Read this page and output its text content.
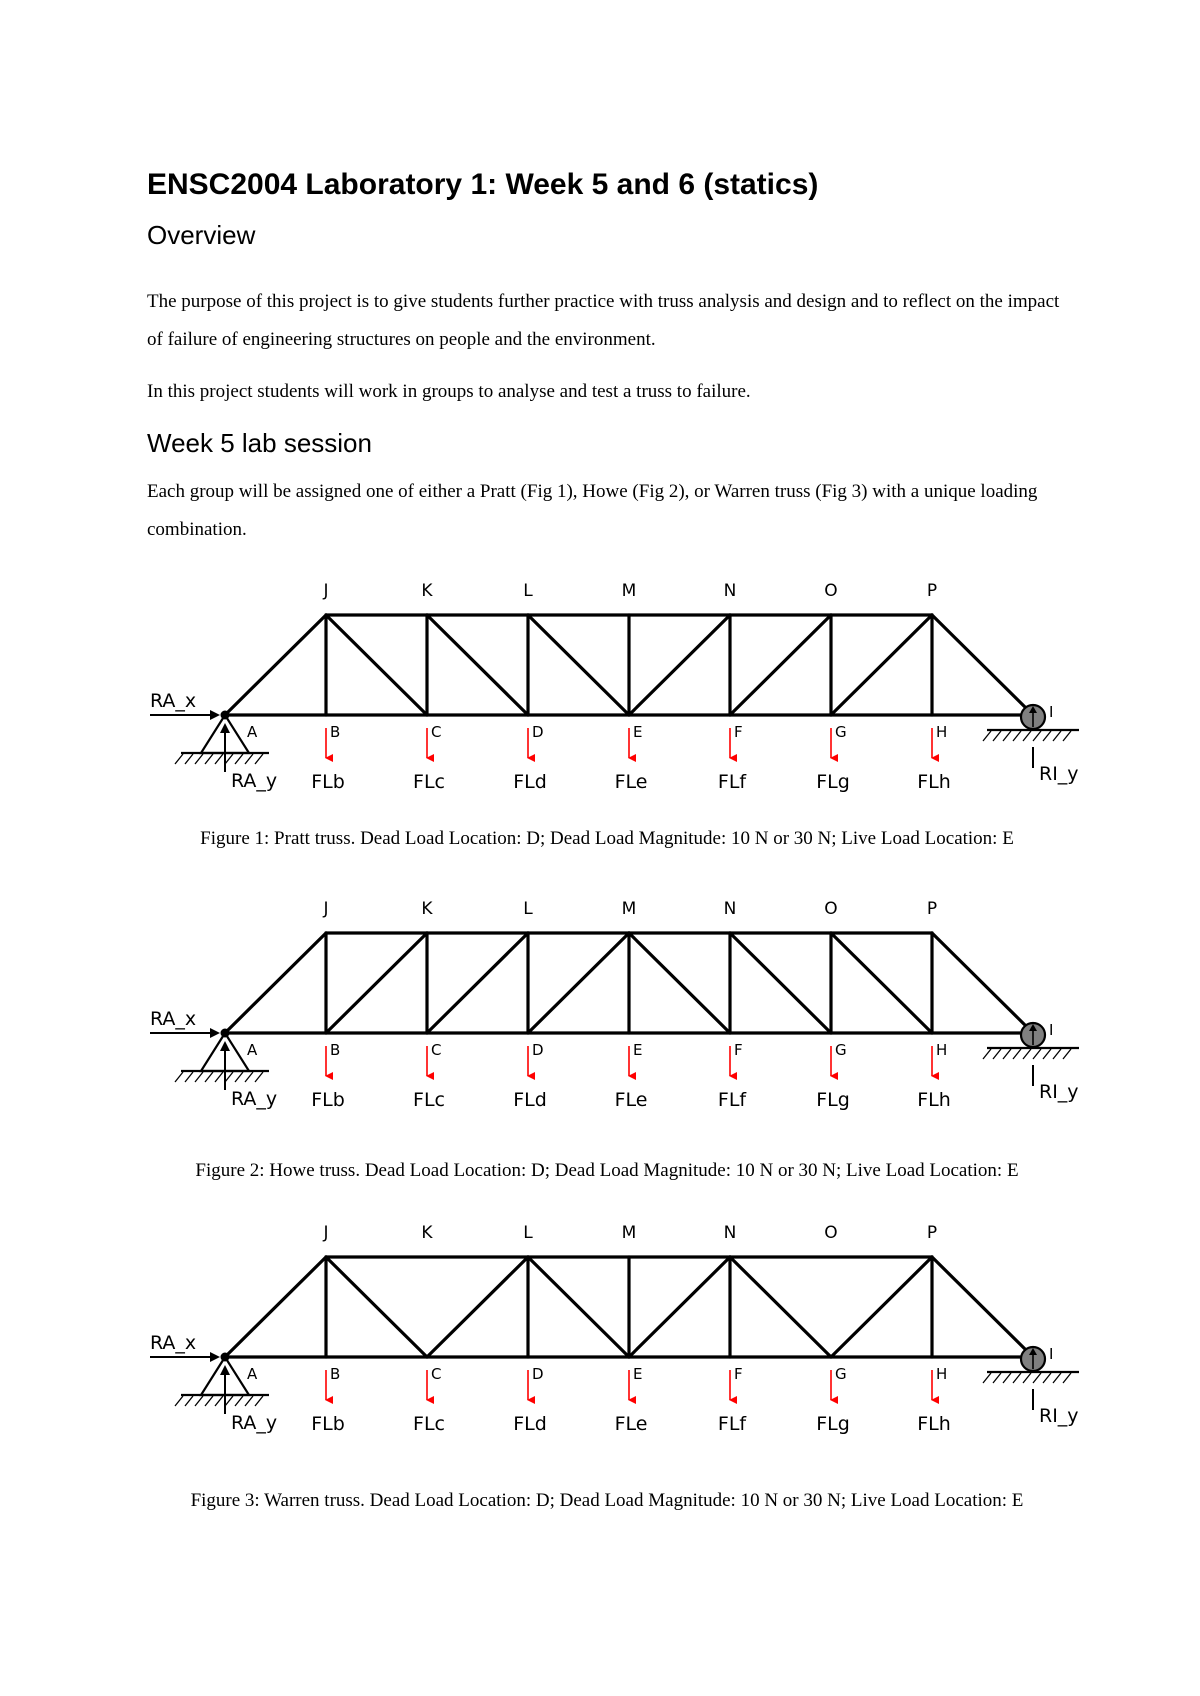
ENSC2004 Laboratory 1: Week 5 and 6 (statics)
Overview

The purpose of this project is to give students further practice with truss analysis and design and to reflect on the impact of failure of engineering structures on people and the environment.

In this project students will work in groups to analyse and test a truss to failure.

Week 5 lab session

Each group will be assigned one of either a Pratt (Fig 1), Howe (Fig 2), or Warren truss (Fig 3) with a unique loading combination.

J	K	L	M	N	O	P
B	C	D	E	F	G	H
FLb	FLc	FLd	FLe	FLf	FLg	FLh
A
RA_x
RA_y
I
RI_y

Figure 1: Pratt truss. Dead Load Location: D; Dead Load Magnitude: 10 N or 30 N; Live Load Location: E

J	K	L	M	N	O	P
B	C	D	E	F	G	H
FLb	FLc	FLd	FLe	FLf	FLg	FLh
A
RA_x
RA_y
I
RI_y

Figure 2: Howe truss. Dead Load Location: D; Dead Load Magnitude: 10 N or 30 N; Live Load Location: E

J	K	L	M	N	O	P
B	C	D	E	F	G	H
FLb	FLc	FLd	FLe	FLf	FLg	FLh
A
RA_x
RA_y
I
RI_y

Figure 3: Warren truss. Dead Load Location: D; Dead Load Magnitude: 10 N or 30 N; Live Load Location: E
